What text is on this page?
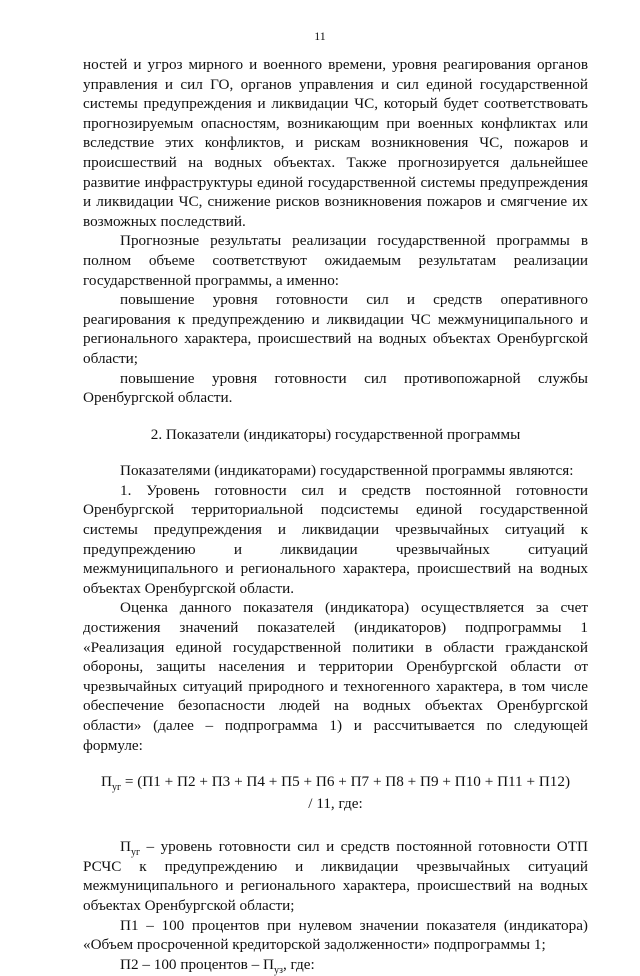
11

ностей и угроз мирного и военного времени, уровня реагирования органов управления и сил ГО, органов управления и сил единой государственной системы предупреждения и ликвидации ЧС, который будет соответствовать прогнозируемым опасностям, возникающим при военных конфликтах или вследствие этих конфликтов, и рискам возникновения ЧС, пожаров и происшествий на водных объектах. Также прогнозируется дальнейшее развитие инфраструктуры единой государственной системы предупреждения и ликвидации ЧС, снижение рисков возникновения пожаров и смягчение их возможных последствий.

Прогнозные результаты реализации государственной программы в полном объеме соответствуют ожидаемым результатам реализации государственной программы, а именно:

повышение уровня готовности сил и средств оперативного реагирования к предупреждению и ликвидации ЧС межмуниципального и регионального характера, происшествий на водных объектах Оренбургской области;

повышение уровня готовности сил противопожарной службы Оренбургской области.

2. Показатели (индикаторы) государственной программы

Показателями (индикаторами) государственной программы являются:

1. Уровень готовности сил и средств постоянной готовности Оренбургской территориальной подсистемы единой государственной системы предупреждения и ликвидации чрезвычайных ситуаций к предупреждению и ликвидации чрезвычайных ситуаций межмуниципального и регионального характера, происшествий на водных объектах Оренбургской области.

Оценка данного показателя (индикатора) осуществляется за счет достижения значений показателей (индикаторов) подпрограммы 1 «Реализация единой государственной политики в области гражданской обороны, защиты населения и территории Оренбургской области от чрезвычайных ситуаций природного и техногенного характера, в том числе обеспечение безопасности людей на водных объектах Оренбургской области» (далее – подпрограмма 1) и рассчитывается по следующей формуле:

$П_{уг} = (П1 + П2 + П3 + П4 + П5 + П6 + П7 + П8 + П9 + П10 + П11 + П12)$

/ 11, где:

$П_{уг}$ – уровень готовности сил и средств постоянной готовности ОТП РСЧС к предупреждению и ликвидации чрезвычайных ситуаций межмуниципального и регионального характера, происшествий на водных объектах Оренбургской области;

П1 – 100 процентов при нулевом значении показателя (индикатора) «Объем просроченной кредиторской задолженности» подпрограммы 1;

П2 – 100 процентов – $П_{уз}$, где:
